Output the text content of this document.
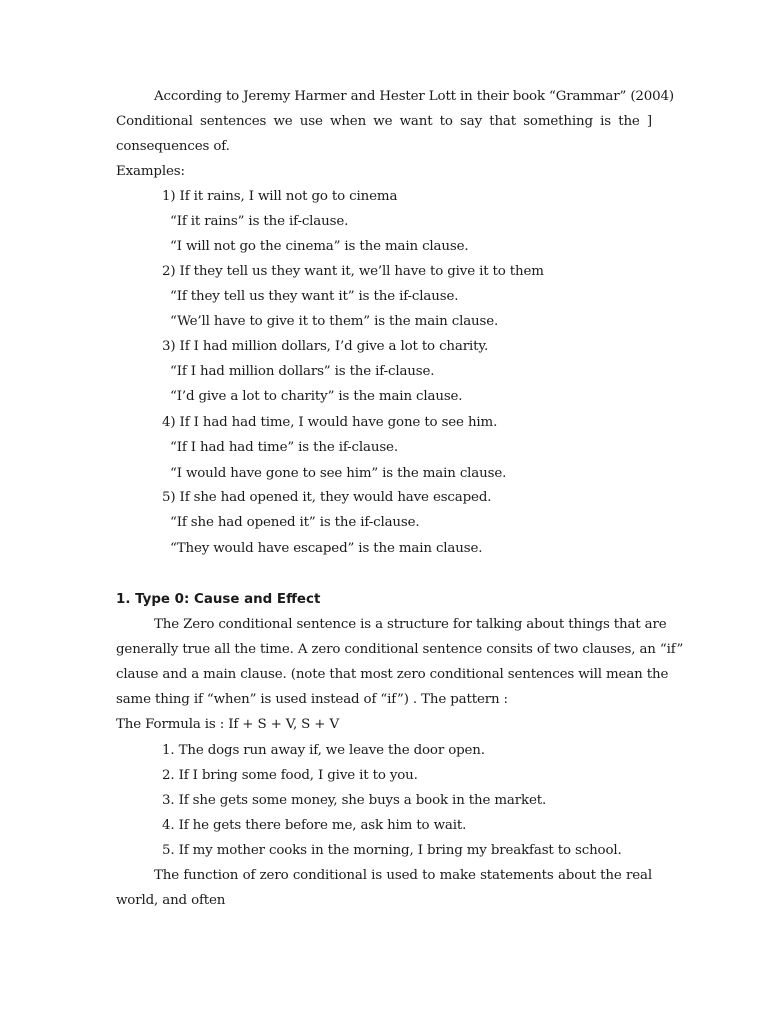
According to Jeremy Harmer and Hester Lott in their book “Grammar” (2004)
Conditional sentences we use when we want to say that something is the ]
consequences of.
Examples:
1) If it rains, I will not go to cinema
“If it rains” is the if-clause.
“I will not go the cinema” is the main clause.
2) If they tell us they want it, we’ll have to give it to them
“If they tell us they want it” is the if-clause.
“We’ll have to give it to them” is the main clause.
3) If I had million dollars, I’d give a lot to charity.
“If I had million dollars” is the if-clause.
“I’d give a lot to charity” is the main clause.
4) If I had had time, I would have gone to see him.
“If I had had time” is the if-clause.
“I would have gone to see him” is the main clause.
5) If she had opened it, they would have escaped.
“If she had opened it” is the if-clause.
“They would have escaped” is the main clause.
1. Type 0: Cause and Effect
The Zero conditional sentence is a structure for talking about things that are
generally true all the time. A zero conditional sentence consits of two clauses, an “if”
clause and a main clause. (note that most zero conditional sentences will mean the
same thing if “when” is used instead of “if”) . The pattern :
The Formula is : If + S + V, S + V
1. The dogs run away if, we leave the door open.
2. If I bring some food, I give it to you.
3. If she gets some money, she buys a book in the market.
4. If he gets there before me, ask him to wait.
5. If my mother cooks in the morning, I bring my breakfast to school.
The function of zero conditional is used to make statements about the real
world, and often
